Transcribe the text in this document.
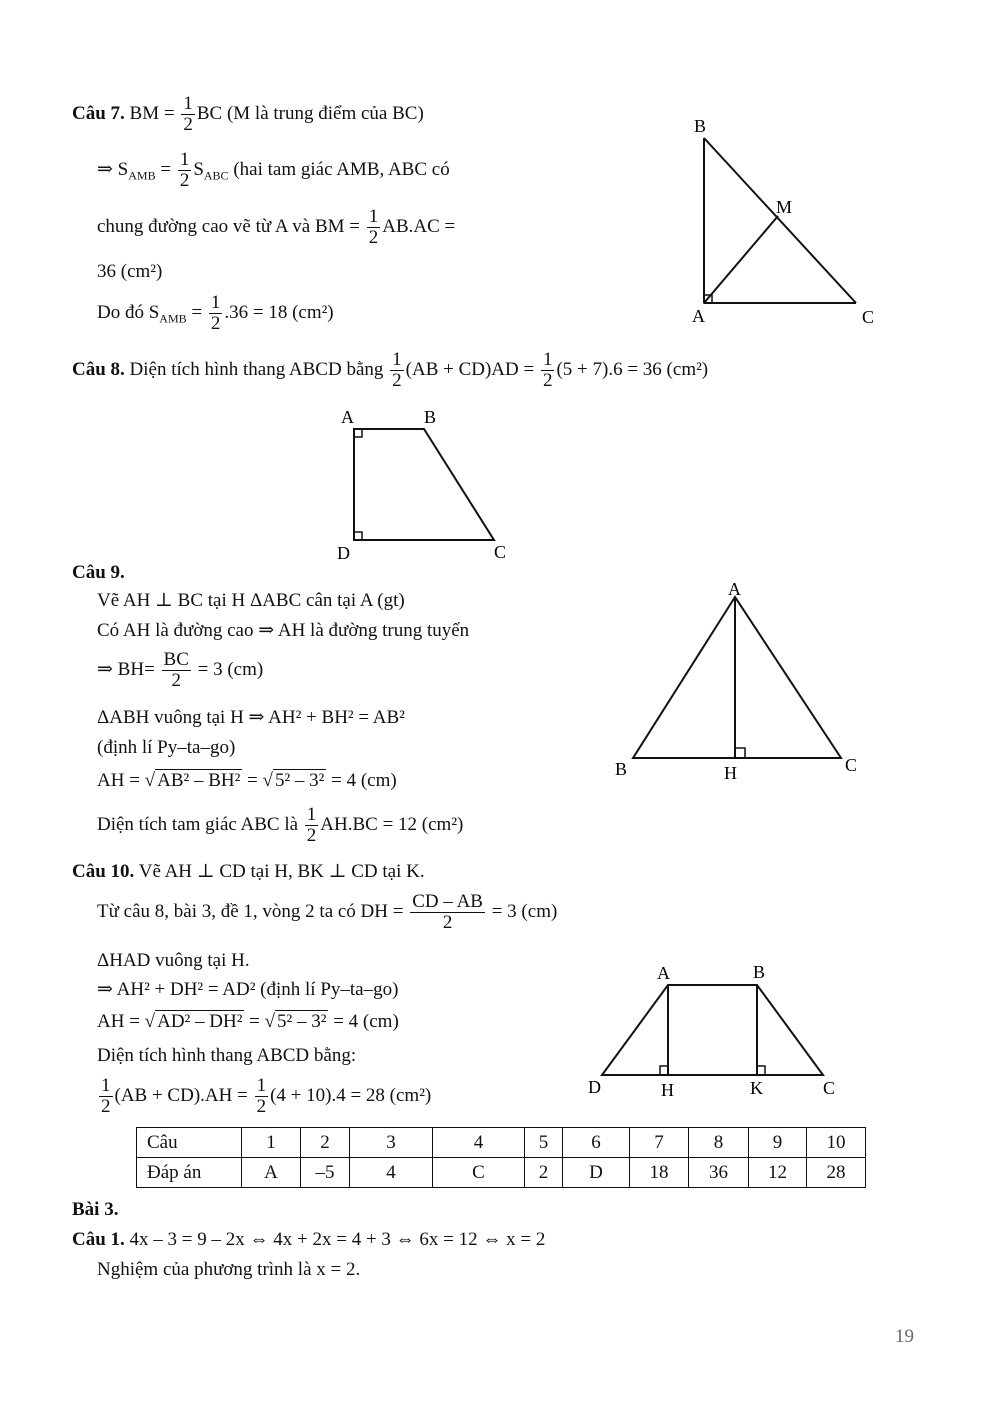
Câu 7. BM = $\frac{1}{2}$ BC (M là trung điểm của BC)
⇒ $S_{AMB} = \frac{1}{2} S_{ABC}$ (hai tam giác AMB, ABC có
chung đường cao vẽ từ A và BM = $\frac{1}{2} AB.AC$ =
36 (cm²)
Do đó $S_{AMB} = \frac{1}{2} .36 = 18$ (cm²)
B
M
A	C
Câu 8. Diện tích hình thang ABCD bằng $\frac{1}{2} (AB + CD)AD = \frac{1}{2} (5 + 7).6 = 36$ (cm²)
A	B
D	C
Câu 9.
Vẽ AH ⊥ BC tại H ΔABC cân tại A (gt)
Có AH là đường cao ⇒ AH là đường trung tuyến
⇒ $BH= \frac{BC}{2} = 3$ (cm)
ΔABH vuông tại H ⇒ AH² + BH² = AB²
(định lí Py–ta–go)
AH = √ AB² – BH² = √ 5² – 3² = 4 (cm)
Diện tích tam giác ABC là $\frac{1}{2} AH.BC = 12$ (cm²)
A
B	H	C
Câu 10. Vẽ AH ⊥ CD tại H, BK ⊥ CD tại K.
Từ câu 8, bài 3, đề 1, vòng 2 ta có DH = $\frac{CD - AB}{2} = 3$ (cm)
ΔHAD vuông tại H.
⇒ AH² + DH² = AD² (định lí Py–ta–go)
AH = √ AD² – DH² = √ 5² – 3² = 4 (cm)
Diện tích hình thang ABCD bằng:
$\frac{1}{2} (AB + CD).AH = \frac{1}{2} (4 + 10).4 = 28$ (cm²)
A	B
D	H	K	C
Câu	1	2	3	4	5	6	7	8	9	10
Đáp án	A	–5	4	C	2	D	18	36	12	28
Bài 3.
Câu 1. 4x – 3 = 9 – 2x ⇔ 4x + 2x = 4 + 3 ⇔ 6x = 12 ⇔ x = 2
Nghiệm của phương trình là x = 2.
19
